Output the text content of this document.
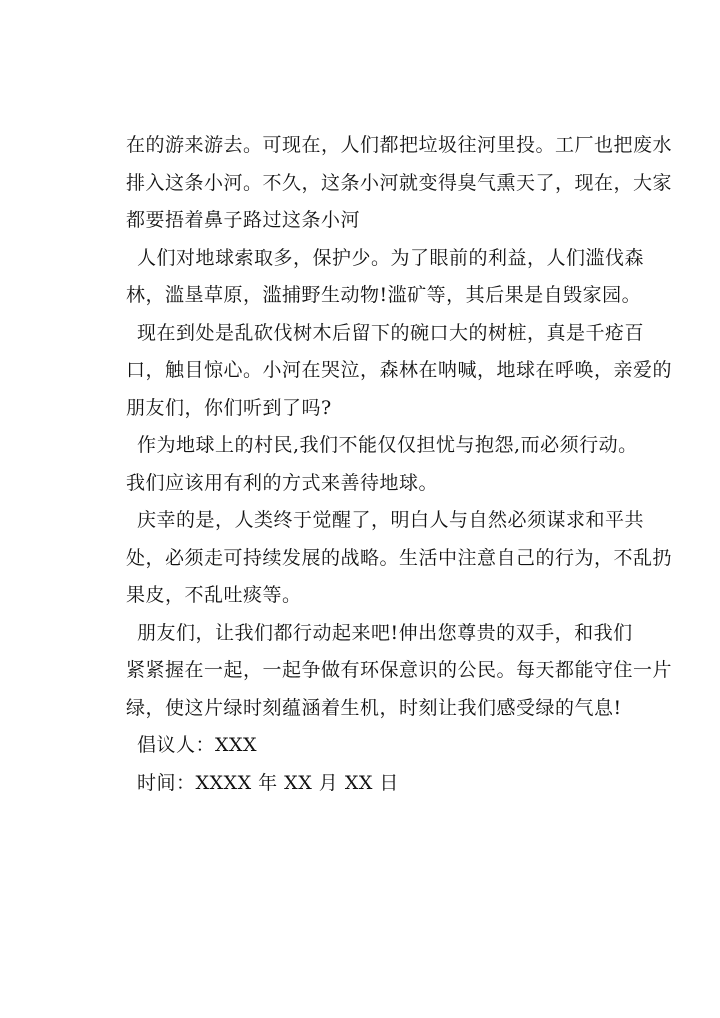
在的游来游去。可现在，人们都把垃圾往河里投。工厂也把废水
排入这条小河。不久，这条小河就变得臭气熏天了，现在，大家
都要捂着鼻子路过这条小河
人们对地球索取多，保护少。为了眼前的利益，人们滥伐森
林，滥垦草原，滥捕野生动物!滥矿等，其后果是自毁家园。
现在到处是乱砍伐树木后留下的碗口大的树桩，真是千疮百
口，触目惊心。小河在哭泣，森林在呐喊，地球在呼唤，亲爱的
朋友们，你们听到了吗?
作为地球上的村民,我们不能仅仅担忧与抱怨,而必须行动。
我们应该用有利的方式来善待地球。
庆幸的是，人类终于觉醒了，明白人与自然必须谋求和平共
处，必须走可持续发展的战略。生活中注意自己的行为，不乱扔
果皮，不乱吐痰等。
朋友们，让我们都行动起来吧!伸出您尊贵的双手，和我们
紧紧握在一起，一起争做有环保意识的公民。每天都能守住一片
绿，使这片绿时刻蕴涵着生机，时刻让我们感受绿的气息!
倡议人：XXX
时间：XXXX 年 XX 月 XX 日
